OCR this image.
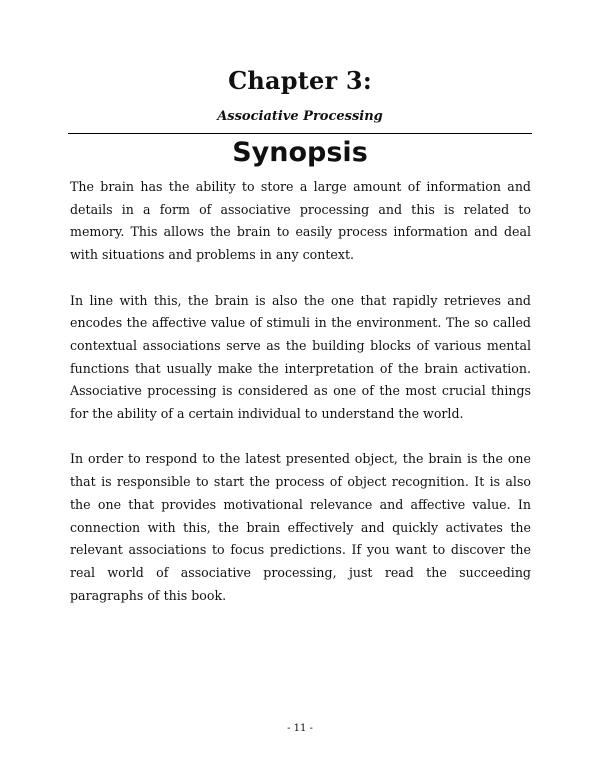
Chapter 3:
Associative Processing
Synopsis

The brain has the ability to store a large amount of information and details in a form of associative processing and this is related to memory. This allows the brain to easily process information and deal with situations and problems in any context.

In line with this, the brain is also the one that rapidly retrieves and encodes the affective value of stimuli in the environment. The so called contextual associations serve as the building blocks of various mental functions that usually make the interpretation of the brain activation. Associative processing is considered as one of the most crucial things for the ability of a certain individual to understand the world.

In order to respond to the latest presented object, the brain is the one that is responsible to start the process of object recognition. It is also the one that provides motivational relevance and affective value. In connection with this, the brain effectively and quickly activates the relevant associations to focus predictions. If you want to discover the real world of associative processing, just read the succeeding paragraphs of this book.

- 11 -
